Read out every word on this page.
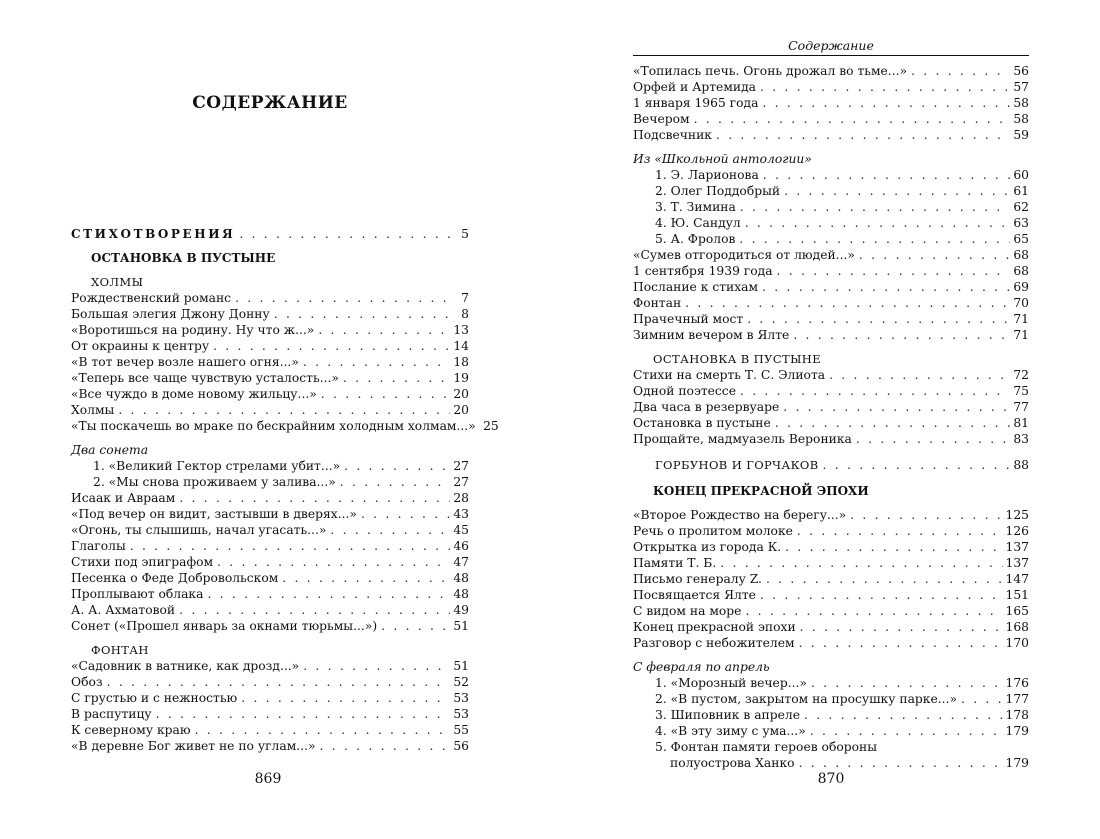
СОДЕРЖАНИЕ
СТИХОТВОРЕНИЯ . . .	5
ОСТАНОВКА В ПУСТЫНЕ
ХОЛМЫ
Рождественский романс . . .	7
Большая элегия Джону Донну . . .	8
«Воротишься на родину. Ну что ж...» . . .	13
От окраины к центру . . .	14
«В тот вечер возле нашего огня...» . . .	18
«Теперь все чаще чувствую усталость...» . . .	19
«Все чуждо в доме новому жильцу...» . . .	20
Холмы . . .	20
«Ты поскачешь во мраке по бескрайним холодным холмам...» 25
Два сонета
1. «Великий Гектор стрелами убит...» . . .	27
2. «Мы снова проживаем у залива...» . . .	27
Исаак и Авраам . . .	28
«Под вечер он видит, застывши в дверях...» . . .	43
«Огонь, ты слышишь, начал угасать...» . . .	45
Глаголы . . .	46
Стихи под эпиграфом . . .	47
Песенка о Феде Добровольском . . .	48
Проплывают облака . . .	48
А. А. Ахматовой . . .	49
Сонет («Прошел январь за окнами тюрьмы...») . . .	51
ФОНТАН
«Садовник в ватнике, как дрозд...» . . .	51
Обоз . . .	52
С грустью и с нежностью . . .	53
В распутицу . . .	53
К северному краю . . .	55
«В деревне Бог живет не по углам...» . . .	56
869	870
Содержание
«Топилась печь. Огонь дрожал во тьме...» . . .	56
Орфей и Артемида . . .	57
1 января 1965 года . . .	58
Вечером . . .	58
Подсвечник . . .	59
Из «Школьной антологии»
1. Э. Ларионова . . .	60
2. Олег Поддобрый . . .	61
3. Т. Зимина . . .	62
4. Ю. Сандул . . .	63
5. А. Фролов . . .	65
«Сумев отгородиться от людей...» . . .	68
1 сентября 1939 года . . .	68
Послание к стихам . . .	69
Фонтан . . .	70
Прачечный мост . . .	71
Зимним вечером в Ялте . . .	71
ОСТАНОВКА В ПУСТЫНЕ
Стихи на смерть Т. С. Элиота . . .	72
Одной поэтессе . . .	75
Два часа в резервуаре . . .	77
Остановка в пустыне . . .	81
Прощайте, мадмуазель Вероника . . .	83
ГОРБУНОВ И ГОРЧАКОВ . . .	88
КОНЕЦ ПРЕКРАСНОЙ ЭПОХИ
«Второе Рождество на берегу...» . . .	125
Речь о пролитом молоке . . .	126
Открытка из города К. . . .	137
Памяти Т. Б. . . .	137
Письмо генералу Z. . . .	147
Посвящается Ялте . . .	151
С видом на море . . .	165
Конец прекрасной эпохи . . .	168
Разговор с небожителем . . .	170
С февраля по апрель
1. «Морозный вечер...» . . .	176
2. «В пустом, закрытом на просушку парке...» . . .	177
3. Шиповник в апреле . . .	178
4. «В эту зиму с ума...» . . .	179
5. Фонтан памяти героев обороны
полуострова Ханко . . .	179
